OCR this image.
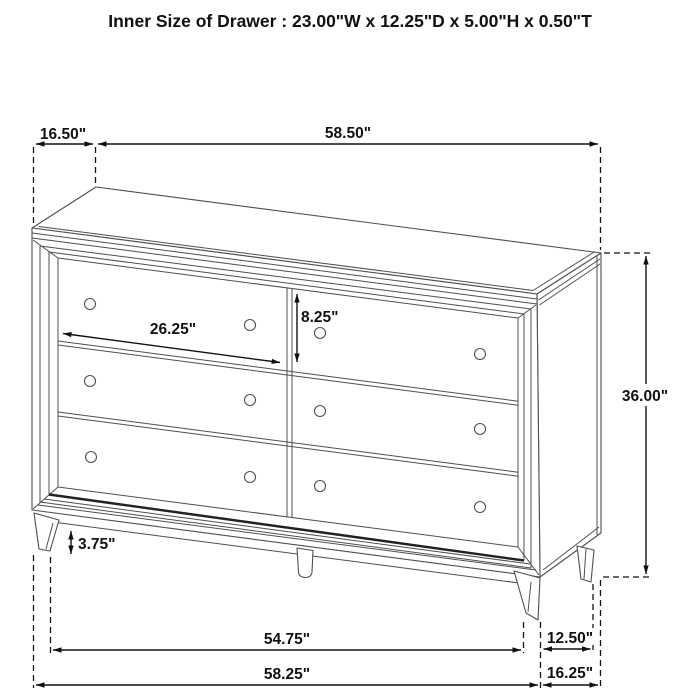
Inner Size of Drawer : 23.00"W x 12.25"D x 5.00"H x 0.50"T
16.50"	58.50"
36.00"
26.25"
8.25"
3.75"
54.75"	12.50"
58.25"	16.25"
